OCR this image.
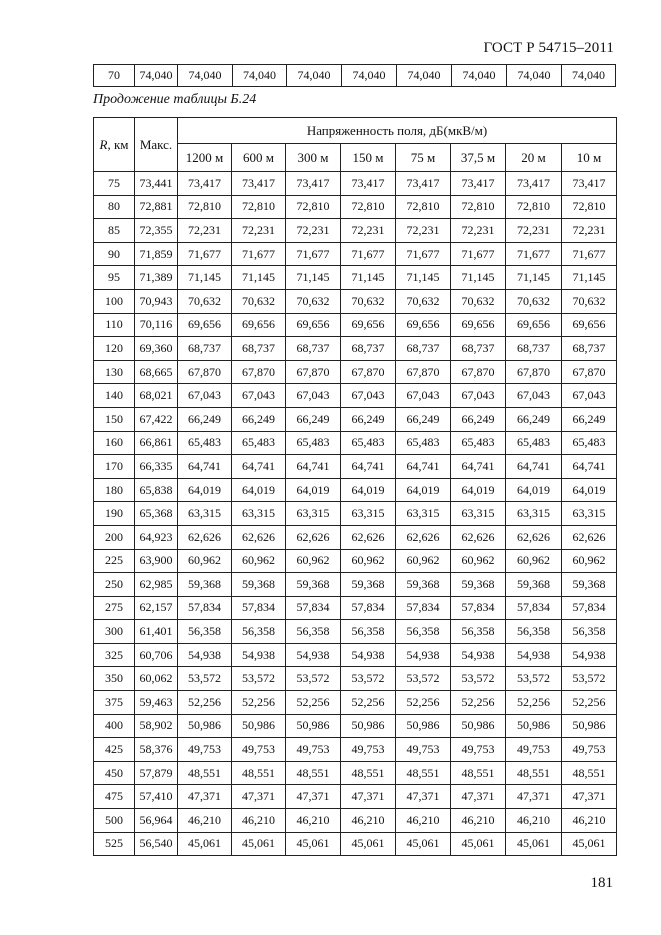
ГОСТ Р 54715–2011
70	74,040	74,040	74,040	74,040	74,040	74,040	74,040	74,040	74,040
Продожение таблицы Б.24
R, км	Макс.	Напряженность поля, дБ(мкВ/м)							
		1200 м	600 м	300 м	150 м	75 м	37,5 м	20 м	10 м
75	73,441	73,417	73,417	73,417	73,417	73,417	73,417	73,417	73,417
80	72,881	72,810	72,810	72,810	72,810	72,810	72,810	72,810	72,810
85	72,355	72,231	72,231	72,231	72,231	72,231	72,231	72,231	72,231
90	71,859	71,677	71,677	71,677	71,677	71,677	71,677	71,677	71,677
95	71,389	71,145	71,145	71,145	71,145	71,145	71,145	71,145	71,145
100	70,943	70,632	70,632	70,632	70,632	70,632	70,632	70,632	70,632
110	70,116	69,656	69,656	69,656	69,656	69,656	69,656	69,656	69,656
120	69,360	68,737	68,737	68,737	68,737	68,737	68,737	68,737	68,737
130	68,665	67,870	67,870	67,870	67,870	67,870	67,870	67,870	67,870
140	68,021	67,043	67,043	67,043	67,043	67,043	67,043	67,043	67,043
150	67,422	66,249	66,249	66,249	66,249	66,249	66,249	66,249	66,249
160	66,861	65,483	65,483	65,483	65,483	65,483	65,483	65,483	65,483
170	66,335	64,741	64,741	64,741	64,741	64,741	64,741	64,741	64,741
180	65,838	64,019	64,019	64,019	64,019	64,019	64,019	64,019	64,019
190	65,368	63,315	63,315	63,315	63,315	63,315	63,315	63,315	63,315
200	64,923	62,626	62,626	62,626	62,626	62,626	62,626	62,626	62,626
225	63,900	60,962	60,962	60,962	60,962	60,962	60,962	60,962	60,962
250	62,985	59,368	59,368	59,368	59,368	59,368	59,368	59,368	59,368
275	62,157	57,834	57,834	57,834	57,834	57,834	57,834	57,834	57,834
300	61,401	56,358	56,358	56,358	56,358	56,358	56,358	56,358	56,358
325	60,706	54,938	54,938	54,938	54,938	54,938	54,938	54,938	54,938
350	60,062	53,572	53,572	53,572	53,572	53,572	53,572	53,572	53,572
375	59,463	52,256	52,256	52,256	52,256	52,256	52,256	52,256	52,256
400	58,902	50,986	50,986	50,986	50,986	50,986	50,986	50,986	50,986
425	58,376	49,753	49,753	49,753	49,753	49,753	49,753	49,753	49,753
450	57,879	48,551	48,551	48,551	48,551	48,551	48,551	48,551	48,551
475	57,410	47,371	47,371	47,371	47,371	47,371	47,371	47,371	47,371
500	56,964	46,210	46,210	46,210	46,210	46,210	46,210	46,210	46,210
525	56,540	45,061	45,061	45,061	45,061	45,061	45,061	45,061	45,061
181
